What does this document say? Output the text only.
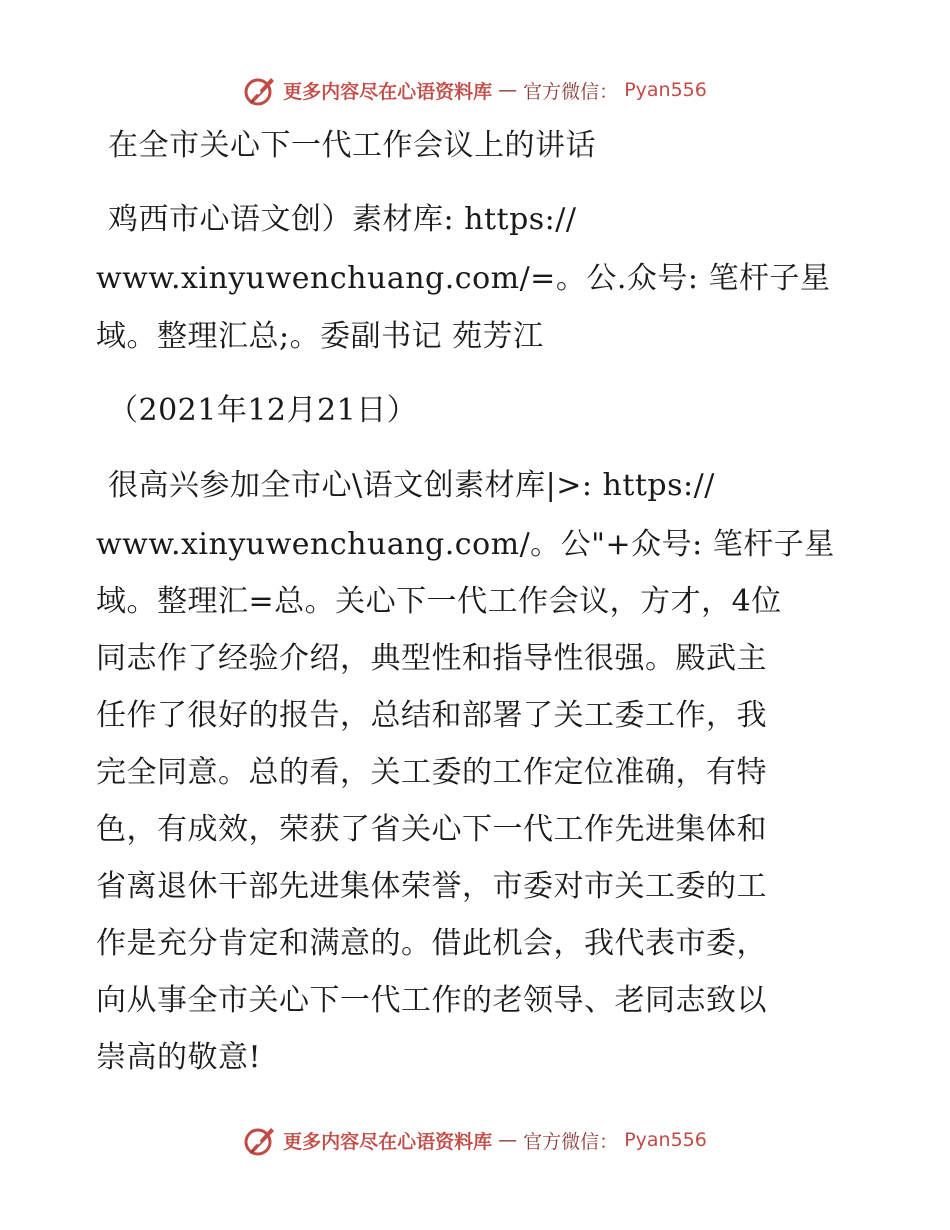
更多内容尽在心语资料库 — 官方微信： Pyan556
在全市关心下一代工作会议上的讲话
鸡西市心语文创）素材库: https://
www.xinyuwenchuang.com/=。公.众号: 笔杆子星
域。整理汇总;。委副书记 苑芳江
（2021年12月21日）
很高兴参加全市心\语文创素材库|>: https://
www.xinyuwenchuang.com/。公"+众号: 笔杆子星
域。整理汇=总。关心下一代工作会议，方才，4位
同志作了经验介绍，典型性和指导性很强。殿武主
任作了很好的报告，总结和部署了关工委工作，我
完全同意。总的看，关工委的工作定位准确，有特
色，有成效，荣获了省关心下一代工作先进集体和
省离退休干部先进集体荣誉，市委对市关工委的工
作是充分肯定和满意的。借此机会，我代表市委，
向从事全市关心下一代工作的老领导、老同志致以
崇高的敬意!
更多内容尽在心语资料库 — 官方微信： Pyan556
